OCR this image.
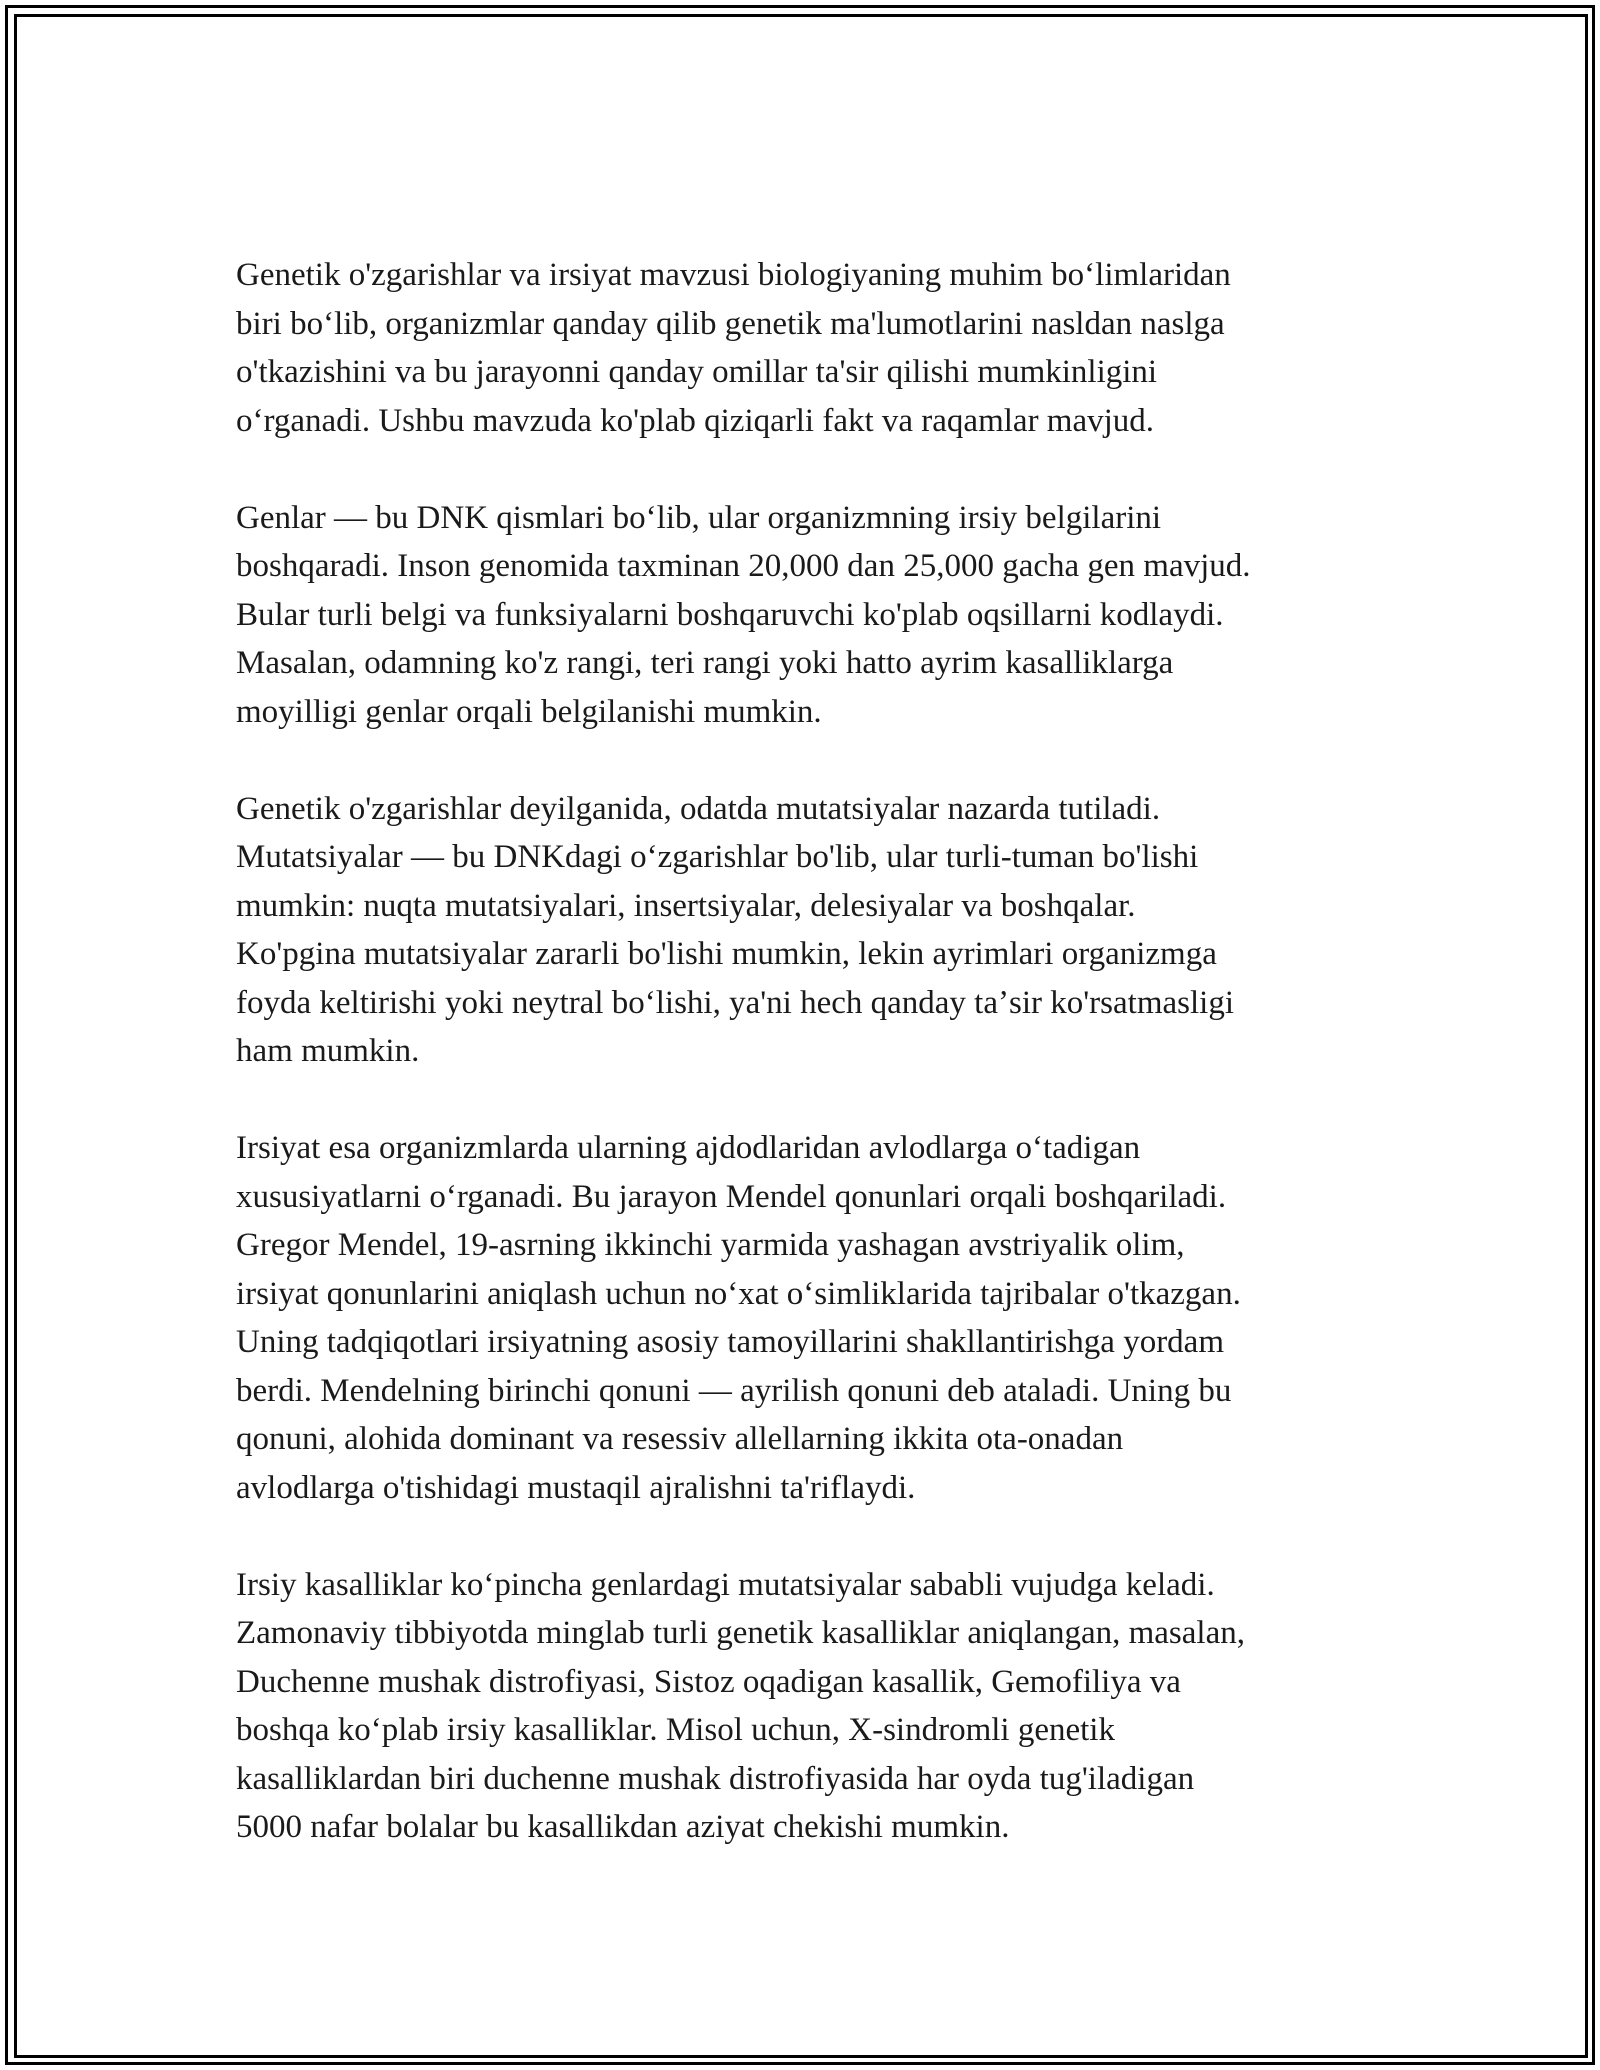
Genetik o'zgarishlar va irsiyat mavzusi biologiyaning muhim boʻlimlaridan
biri boʻlib, organizmlar qanday qilib genetik ma'lumotlarini nasldan naslga
o'tkazishini va bu jarayonni qanday omillar ta'sir qilishi mumkinligini
oʻrganadi. Ushbu mavzuda ko'plab qiziqarli fakt va raqamlar mavjud.

Genlar — bu DNK qismlari boʻlib, ular organizmning irsiy belgilarini
boshqaradi. Inson genomida taxminan 20,000 dan 25,000 gacha gen mavjud.
Bular turli belgi va funksiyalarni boshqaruvchi ko'plab oqsillarni kodlaydi.
Masalan, odamning ko'z rangi, teri rangi yoki hatto ayrim kasalliklarga
moyilligi genlar orqali belgilanishi mumkin.

Genetik o'zgarishlar deyilganida, odatda mutatsiyalar nazarda tutiladi.
Mutatsiyalar — bu DNKdagi oʻzgarishlar bo'lib, ular turli-tuman bo'lishi
mumkin: nuqta mutatsiyalari, insertsiyalar, delesiyalar va boshqalar.
Ko'pgina mutatsiyalar zararli bo'lishi mumkin, lekin ayrimlari organizmga
foyda keltirishi yoki neytral boʻlishi, ya'ni hech qanday taʼsir ko'rsatmasligi
ham mumkin.

Irsiyat esa organizmlarda ularning ajdodlaridan avlodlarga oʻtadigan
xususiyatlarni oʻrganadi. Bu jarayon Mendel qonunlari orqali boshqariladi.
Gregor Mendel, 19-asrning ikkinchi yarmida yashagan avstriyalik olim,
irsiyat qonunlarini aniqlash uchun noʻxat oʻsimliklarida tajribalar o'tkazgan.
Uning tadqiqotlari irsiyatning asosiy tamoyillarini shakllantirishga yordam
berdi. Mendelning birinchi qonuni — ayrilish qonuni deb ataladi. Uning bu
qonuni, alohida dominant va resessiv allellarning ikkita ota-onadan
avlodlarga o'tishidagi mustaqil ajralishni ta'riflaydi.

Irsiy kasalliklar koʻpincha genlardagi mutatsiyalar sababli vujudga keladi.
Zamonaviy tibbiyotda minglab turli genetik kasalliklar aniqlangan, masalan,
Duchenne mushak distrofiyasi, Sistoz oqadigan kasallik, Gemofiliya va
boshqa koʻplab irsiy kasalliklar. Misol uchun, X-sindromli genetik
kasalliklardan biri duchenne mushak distrofiyasida har oyda tug'iladigan
5000 nafar bolalar bu kasallikdan aziyat chekishi mumkin.
